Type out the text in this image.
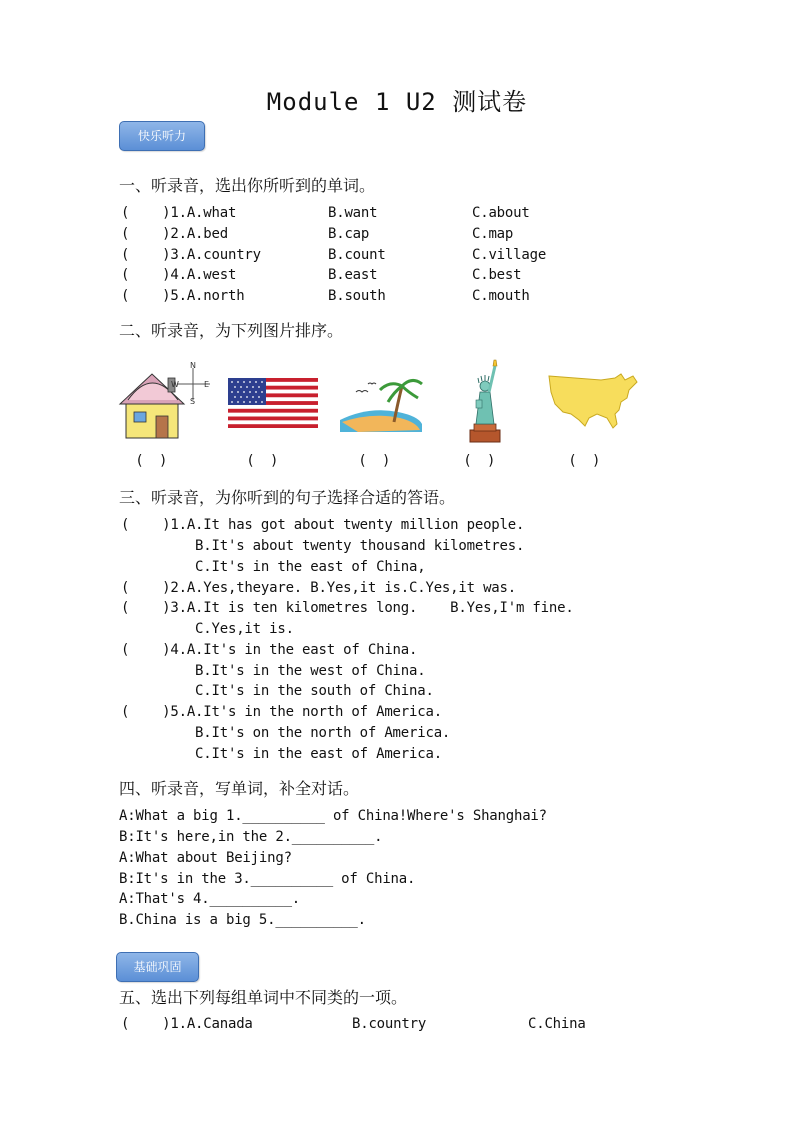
Module 1 U2 测试卷
快乐听力
一、听录音，选出你所听到的单词。
(    )1.A.what	B.want	C.about
(    )2.A.bed	B.cap	C.map
(    )3.A.country	B.count	C.village
(    )4.A.west	B.east	C.best
(    )5.A.north	B.south	C.mouth
二、听录音，为下列图片排序。
N
W	E
S
(    )	(    )	(    )	(    )	(    )
三、听录音，为你听到的句子选择合适的答语。
(    )1.A.It has got about twenty million people.
B.It's about twenty thousand kilometres.
C.It's in the east of China,
(    )2.A.Yes,theyare. B.Yes,it is.C.Yes,it was.
(    )3.A.It is ten kilometres long.    B.Yes,I'm fine.
C.Yes,it is.
(    )4.A.It's in the east of China.
B.It's in the west of China.
C.It's in the south of China.
(    )5.A.It's in the north of America.
B.It's on the north of America.
C.It's in the east of America.
四、听录音，写单词，补全对话。
A:What a big 1.__________ of China!Where's Shanghai?
B:It's here,in the 2.__________.
A:What about Beijing?
B:It's in the 3.__________ of China.
A:That's 4.__________.
B.China is a big 5.__________.
基础巩固
五、选出下列每组单词中不同类的一项。
(    )1.A.Canada	B.country	C.China
